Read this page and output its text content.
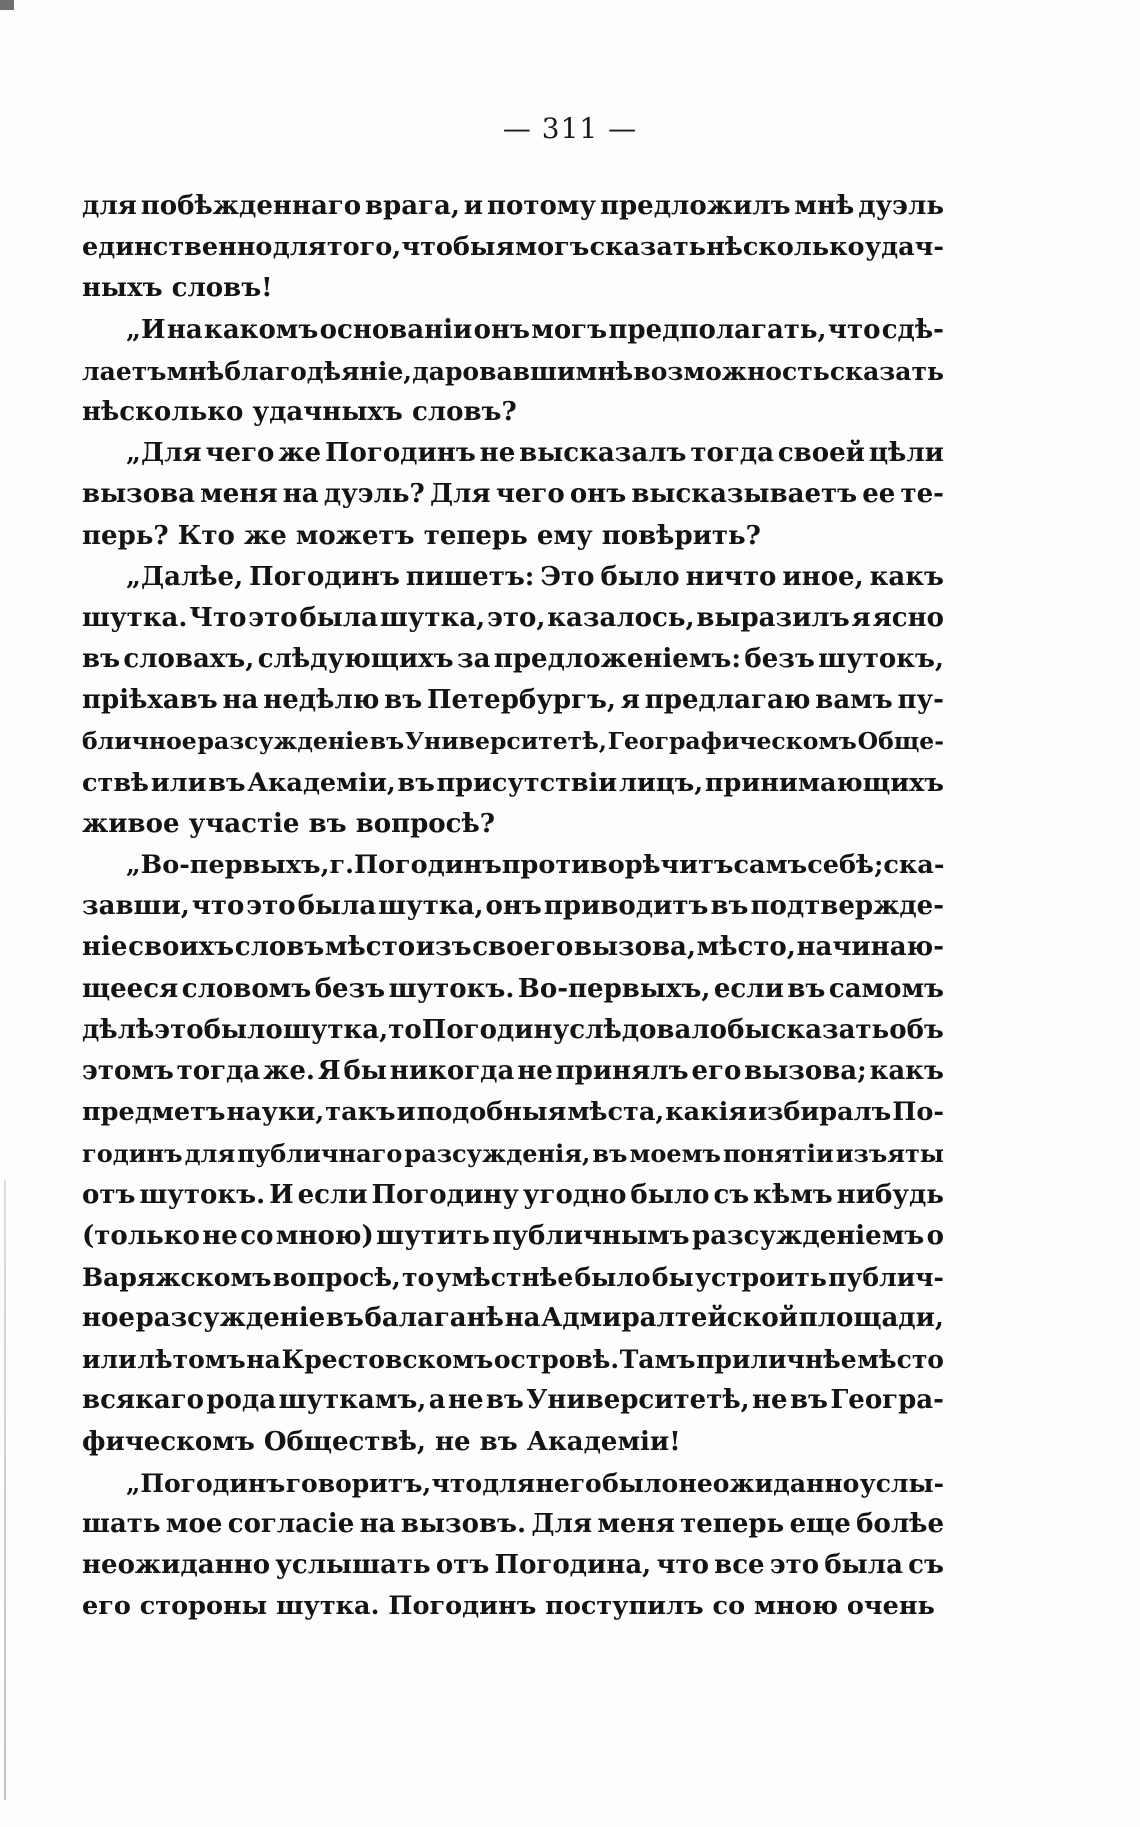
— 311 —
для побѣжденнаго врага, и потому предложилъ мнѣ дуэль
единственно для того, чтобы я могъ сказать нѣсколько удач-
ныхъ словъ!
„И на какомъ основанiи онъ могъ предполагать, что сдѣ-
лаетъ мнѣ благодѣянiе, даровавши мнѣ возможность сказать
нѣсколько удачныхъ словъ?
„Для чего же Погодинъ не высказалъ тогда своей цѣли
вызова меня на дуэль? Для чего онъ высказываетъ ее те-
перь? Кто же можетъ теперь ему повѣрить?
„Далѣе, Погодинъ пишетъ: Это было ничто иное, какъ
шутка. Что это была шутка, это, казалось, выразилъ я ясно
въ словахъ, слѣдующихъ за предложенiемъ: безъ шутокъ,
прiѣхавъ на недѣлю въ Петербургъ, я предлагаю вамъ пу-
бличное разсужденiе въ Университетѣ, Географическомъ Обще-
ствѣ или въ Академiи, въ присутствiи лицъ, принимающихъ
живое участiе въ вопросѣ?
„Во-первыхъ, г. Погодинъ противорѣчитъ самъ себѣ; ска-
завши, что это была шутка, онъ приводитъ въ подтвержде-
нiе своихъ словъ мѣсто изъ своего вызова, мѣсто, начинаю-
щееся словомъ безъ шутокъ. Во-первыхъ, если въ самомъ
дѣлѣ это было шутка, то Погодину слѣдовало бы сказать объ
этомъ тогда же. Я бы никогда не принялъ его вызова; какъ
предметъ науки, такъ и подобныя мѣста, какiя избиралъ По-
годинъ для публичнаго разсужденiя, въ моемъ понятiи изъяты
отъ шутокъ. И если Погодину угодно было съ кѣмъ нибудь
(только не со мною) шутить публичнымъ разсужденiемъ о
Варяжскомъ вопросѣ, то умѣстнѣе было бы устроить публич-
ное разсужденiе въ балаганѣ на Адмиралтейской площади,
или лѣтомъ на Крестовскомъ островѣ. Тамъ приличнѣе мѣсто
всякаго рода шуткамъ, а не въ Университетѣ, не въ Геогра-
фическомъ Обществѣ, не въ Академiи!
„Погодинъ говоритъ, что для него было неожиданно услы-
шать мое согласiе на вызовъ. Для меня теперь еще болѣе
неожиданно услышать отъ Погодина, что все это была съ
его стороны шутка. Погодинъ поступилъ со мною очень
